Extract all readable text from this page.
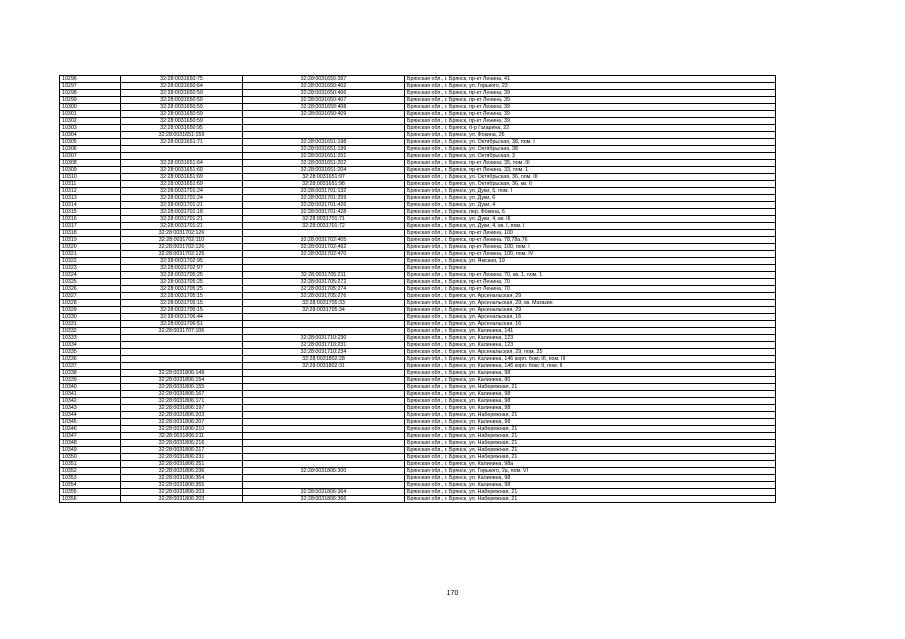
10296	32:28:0031650:75	32:28:0031650:397	Брянская обл., г. Брянск, пр-кт Ленина, 41
10297	32:28:0031650:64	32:28:0031650:402	Брянская обл., г. Брянск, ул. Горького, 23
10298	32:28:0031650:59	32:28:0031650:406	Брянская обл., г. Брянск, пр-кт Ленина, 39
10299	32:28:0031650:59	32:28:0031650:407	Брянская обл., г. Брянск, пр-кт Ленина, 39
10300	32:28:0031650:59	32:28:0031650:408	Брянская обл., г. Брянск, пр-кт Ленина, 39
10301	32:28:0031650:59	32:28:0031650:409	Брянская обл., г. Брянск, пр-кт Ленина, 39
10302	32:28:0031650:59		Брянская обл., г. Брянск, пр-кт Ленина, 39
10303	32:28:0031650:95		Брянская обл., г. Брянск, б-р Гагарина, 22
10304	32:28:0031651:159		Брянская обл., г. Брянск, ул. Фокина, 26
10305	32:28:0031651:71	32:28:0031651:198	Брянская обл., г. Брянск, ул. Октябрьская, 38, пом. I
10306		32:28:0031651:199	Брянская обл., г. Брянск, ул. Октябрьская, 38
10307		32:28:0031651:201	Брянская обл., г. Брянск, ул. Октябрьская, 3
10308	32:28:0031651:64	32:28:0031651:202	Брянская обл., г. Брянск, пр-кт Ленина, 35, пом. III
10309	32:28:0031651:60	32:28:0031651:204	Брянская обл., г. Брянск, пр-кт Ленина, 33, пом. 1
10310	32:28:0031651:69	32:28:0031651:97	Брянская обл., г. Брянск, ул. Октябрьская, 36, пом. III
10311	32:28:0031651:69	32:28:0031651:98	Брянская обл., г. Брянск, ул. Октябрьская, 36, кв. II
10312	32:28:0031701:24	32:28:0031701:132	Брянская обл., г. Брянск, ул. Дуки, 6, пом. I
10313	32:28:0031701:24	32:28:0031701:259	Брянская обл., г. Брянск, ул. Дуки, 6
10314	32:28:0031701:21	32:28:0031701:426	Брянская обл., г. Брянск, ул. Дуки, 4
10315	32:28:0031701:18	32:28:0031701:428	Брянская обл., г. Брянск, пер. Фокина, 6
10316	32:28:0031701:21	32:28:0031701:71	Брянская обл., г. Брянск, ул. Дуки, 4, кв. III
10317	32:28:0031701:21	32:28:0031701:72	Брянская обл., г. Брянск, ул. Дуки, 4, кв. I, пом. I
10318	32:28:0031702:126		Брянская обл., г. Брянск, пр-кт Ленина, 100
10319	32:28:0031702:110	32:28:0031702:405	Брянская обл., г. Брянск, пр-кт Ленина, 78,78а,76
10320	32:28:0031702:126	32:28:0031702:462	Брянская обл., г. Брянск, пр-кт Ленина, 100, пом. I
10321	32:28:0031702:126	32:28:0031702:470	Брянская обл., г. Брянск, пр-кт Ленина, 100, пом. IV
10322	32:28:0031702:95		Брянская обл., г. Брянск, ул. Ямская, 19
10323	32:28:0031702:97		Брянская обл., г. Брянск
10324	32:28:0031705:25	32:28:0031705:211	Брянская обл., г. Брянск, пр-кт Ленина, 70, кв. 1, пом. 1
10325	32:28:0031705:25	32:28:0031705:272	Брянская обл., г. Брянск, пр-кт Ленина, 70
10326	32:28:0031705:25	32:28:0031705:274	Брянская обл., г. Брянск, пр-кт Ленина, 70
10327	32:28:0031705:15	32:28:0031705:276	Брянская обл., г. Брянск, ул. Арсенальская, 29
10328	32:28:0031705:15	32:28:0031705:33	Брянская обл., г. Брянск, ул. Арсенальская, 29, кв. Магазин
10329	32:28:0031705:15	32:28:0031705:34	Брянская обл., г. Брянск, ул. Арсенальская, 29
10330	32:28:0031706:44		Брянская обл., г. Брянск, ул. Арсенальская, 16
10331	32:28:0031706:51		Брянская обл., г. Брянск, ул. Арсенальская, 16
10332	32:28:0031707:106		Брянская обл., г. Брянск, ул. Калинина, 141
10333		32:28:0031710:230	Брянская обл., г. Брянск, ул. Калинина, 123
10334		32:28:0031710:231	Брянская обл., г. Брянск, ул. Калинина, 123
10335		32:28:0031710:234	Брянская обл., г. Брянск, ул. Арсенальская, 29, пом. 25
10336		32:28:0031802:28	Брянская обл., г. Брянск, ул. Калинина, 146 корп. бокс III, пом. III
10337		32:28:0031802:31	Брянская обл., г. Брянск, ул. Калинина, 146 корп. бокс II, пом. II
10338	32:28:0031806:149		Брянская обл., г. Брянск, ул. Калинина, 98
10339	32:28:0031806:154		Брянская обл., г. Брянск, ул. Калинина, 90
10340	32:28:0031806:155		Брянская обл., г. Брянск, ул. Набережная, 21
10341	32:28:0031806:167		Брянская обл., г. Брянск, ул. Калинина, 98
10342	32:28:0031806:171		Брянская обл., г. Брянск, ул. Калинина, 98
10343	32:28:0031806:197		Брянская обл., г. Брянск, ул. Калинина, 98
10344	32:28:0031806:203		Брянская обл., г. Брянск, ул. Набережная, 21
10345	32:28:0031806:207		Брянская обл., г. Брянск, ул. Калинина, 98
10346	32:28:0031806:210		Брянская обл., г. Брянск, ул. Набережная, 21
10347	32:28:0031806:211		Брянская обл., г. Брянск, ул. Набережная, 21
10348	32:28:0031806:216		Брянская обл., г. Брянск, ул. Набережная, 21
10349	32:28:0031806:217		Брянская обл., г. Брянск, ул. Набережная, 21
10350	32:28:0031806:231		Брянская обл., г. Брянск, ул. Набережная, 21
10351	32:28:0031806:251		Брянская обл., г. Брянск, ул. Калинина, 98а
10352	32:28:0031806:236	32:28:0031806:300	Брянская обл., г. Брянск, ул. Горького, 2а, пом. VI
10353	32:28:0031806:354		Брянская обл., г. Брянск, ул. Калинина, 98
10354	32:28:0031806:355		Брянская обл., г. Брянск, ул. Калинина, 98
10355	32:28:0031806:203	32:28:0031806:364	Брянская обл., г. Брянск, ул. Набережная, 21
10356	32:28:0031806:203	32:28:0031806:366	Брянская обл., г. Брянск, ул. Набережная, 21
170
